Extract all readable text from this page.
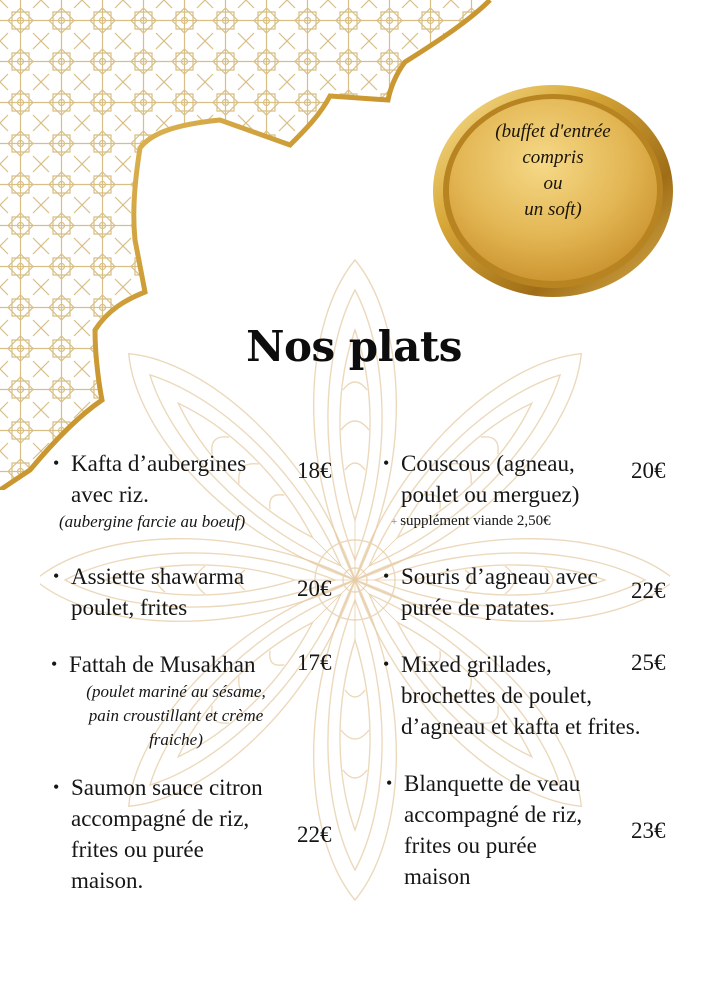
(buffet d'entrée
compris
ou
un soft)
Nos plats
• Kafta d’aubergines
avec riz.
(aubergine farcie au boeuf)
18€
• Assiette shawarma
poulet, frites
20€
• Fattah de Musakhan
(poulet mariné au sésame,
pain croustillant et crème
fraiche)
17€
• Saumon sauce citron
accompagné de riz,
frites ou purée
maison.
22€
• Couscous (agneau,
poulet ou merguez)
+ supplément viande 2,50€
20€
• Souris d’agneau avec
purée de patates.
22€
• Mixed grillades,
brochettes de poulet,
d’agneau et kafta et frites.
25€
• Blanquette de veau
accompagné de riz,
frites ou purée
maison
23€
